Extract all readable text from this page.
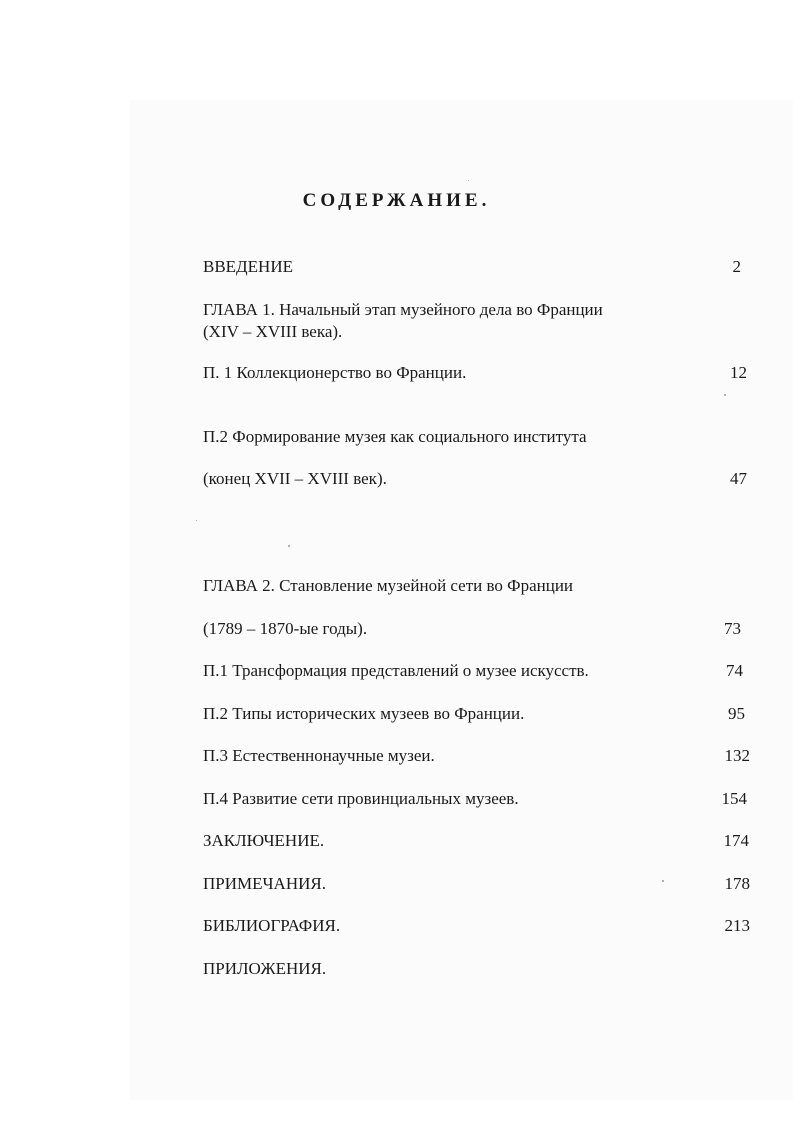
СОДЕРЖАНИЕ.
ВВЕДЕНИЕ	2
ГЛАВА 1. Начальный этап музейного дела во Франции
(XIV – XVIII века).
П. 1 Коллекционерство во Франции.	12
П.2 Формирование музея как социального института
(конец XVII – XVIII век).	47
ГЛАВА 2. Становление музейной сети во Франции
(1789 – 1870-ые годы).	73
П.1 Трансформация представлений о музее искусств.	74
П.2 Типы исторических музеев во Франции.	95
П.3 Естественнонаучные музеи.	132
П.4 Развитие сети провинциальных музеев.	154
ЗАКЛЮЧЕНИЕ.	174
ПРИМЕЧАНИЯ.	178
БИБЛИОГРАФИЯ.	213
ПРИЛОЖЕНИЯ.
